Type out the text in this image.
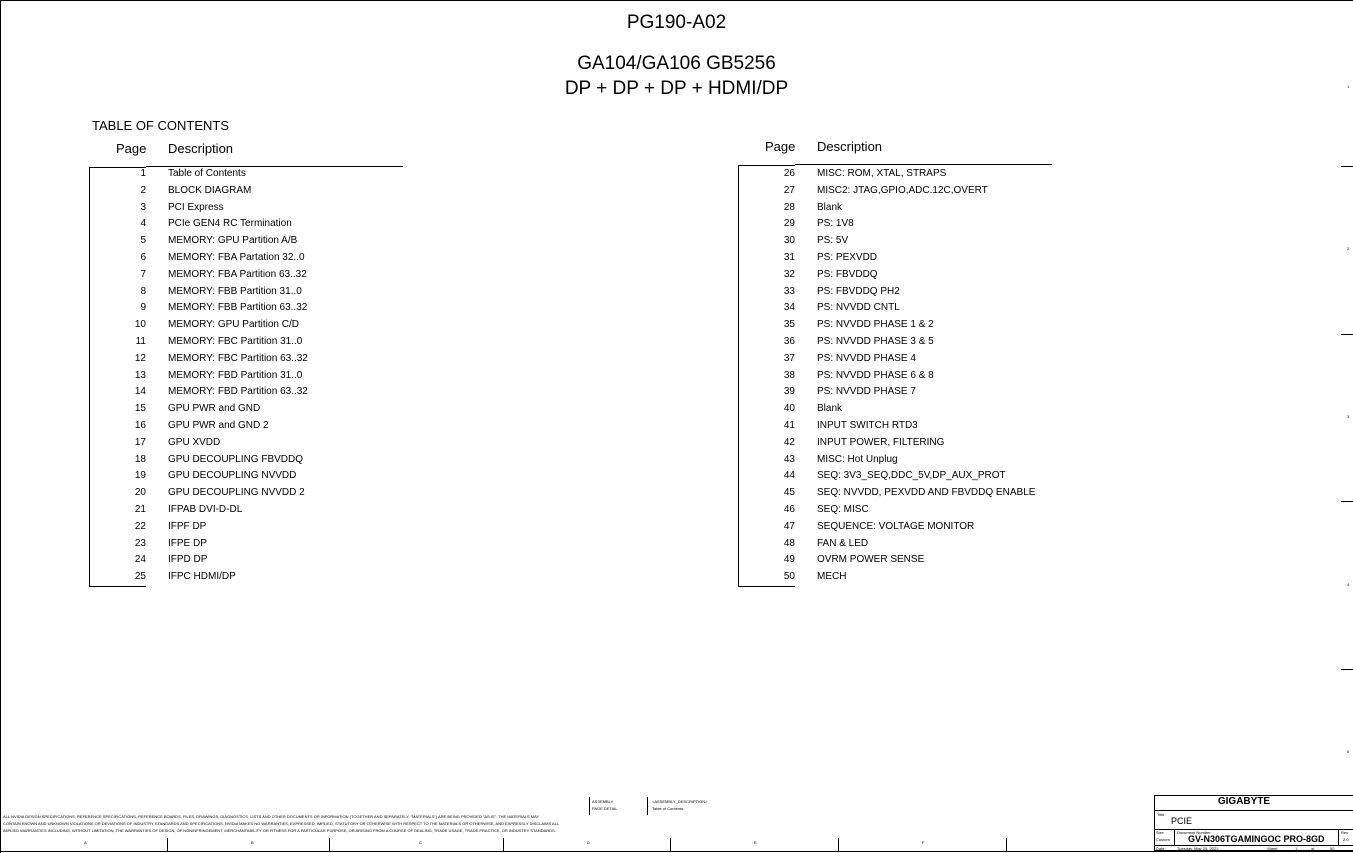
PG190-A02
GA104/GA106 GB5256
DP + DP + DP + HDMI/DP
TABLE OF CONTENTS
Page Description	Page Description
1 Table of Contents
2 BLOCK DIAGRAM
3 PCI Express
4 PCIe GEN4 RC Termination
5 MEMORY: GPU Partition A/B
6 MEMORY: FBA Partation 32..0
7 MEMORY: FBA Partition 63..32
8 MEMORY: FBB Partition 31..0
9 MEMORY: FBB Partition 63..32
10 MEMORY: GPU Partition C/D
11 MEMORY: FBC Partition 31..0
12 MEMORY: FBC Partition 63..32
13 MEMORY: FBD Partition 31..0
14 MEMORY: FBD Partition 63..32
15 GPU PWR and GND
16 GPU PWR and GND 2
17 GPU XVDD
18 GPU DECOUPLING FBVDDQ
19 GPU DECOUPLING NVVDD
20 GPU DECOUPLING NVVDD 2
21 IFPAB DVI-D-DL
22 IFPF DP
23 IFPE DP
24 IFPD DP
25 IFPC HDMI/DP
26 MISC: ROM, XTAL, STRAPS
27 MISC2: JTAG,GPIO,ADC.12C,OVERT
28 Blank
29 PS: 1V8
30 PS: 5V
31 PS: PEXVDD
32 PS: FBVDDQ
33 PS: FBVDDQ PH2
34 PS: NVVDD CNTL
35 PS: NVVDD PHASE 1 & 2
36 PS: NVVDD PHASE 3 & 5
37 PS: NVVDD PHASE 4
38 PS: NVVDD PHASE 6 & 8
39 PS: NVVDD PHASE 7
40 Blank
41 INPUT SWITCH RTD3
42 INPUT POWER, FILTERING
43 MISC: Hot Unplug
44 SEQ: 3V3_SEQ,DDC_5V,DP_AUX_PROT
45 SEQ: NVVDD, PEXVDD AND FBVDDQ ENABLE
46 SEQ: MISC
47 SEQUENCE: VOLTAGE MONITOR
48 FAN & LED
49 OVRM POWER SENSE
50 MECH
ALL NVIDIA DESIGN SPECIFICATIONS, REFERENCE SPECIFICATIONS, REFERENCE BOARDS, FILES, DRAWINGS, DIAGNOSTICS, LISTS AND OTHER DOCUMENTS OR INFORMATION (TOGETHER AND SEPARATELY, "MATERIALS") ARE BEING PROVIDED "AS IS". THE MATERIALS MAY
CONTAIN KNOWN AND UNKNOWN VIOLATIONS OR DEVIATIONS OF INDUSTRY STANDARDS AND SPECIFICATIONS. NVIDIA MAKES NO WARRANTIES, EXPRESSED, IMPLIED, STATUTORY OR OTHERWISE WITH RESPECT TO THE MATERIALS OR OTHERWISE, AND EXPRESSLY DISCLAIMS ALL
IMPLIED WARRANTIES INCLUDING, WITHOUT LIMITATION, THE WARRANTIES OF DESIGN, OF NONINFRINGEMENT, MERCHANTABILITY OR FITNESS FOR A PARTICULAR PURPOSE, OR ARISING FROM A COURSE OF DEALING, TRADE USAGE, TRADE PRACTICE, OR INDUSTRY STANDARDS.
ASSEMBLY
PAGE DETAIL
<ASSEMBLY_DESCRIPTION>
Table of Contents
A	B	C	D	E	F
1
2
3
4
5
GIGABYTE
Title
PCIE
Size
Custom
Document Number
GV-N306TGAMINGOC PRO-8GD
Rev
2.0
Date:	Tuesday, May 25, 2021	Sheet	1	of	50
